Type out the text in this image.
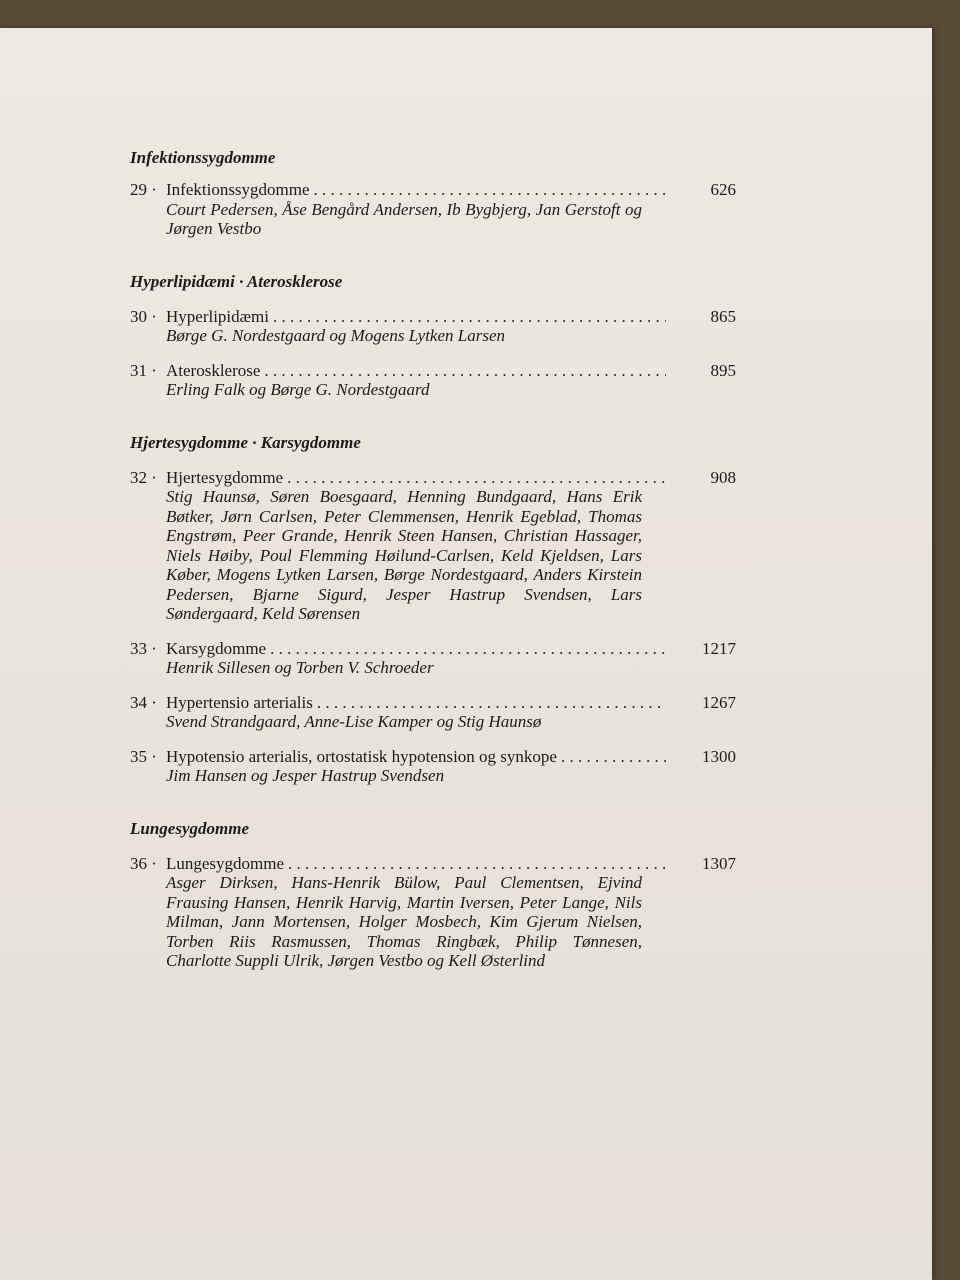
Infektionssygdomme
29 · Infektionssygdomme . . .	626
Court Pedersen, Åse Bengård Andersen, Ib Bygbjerg, Jan Gerstoft og Jørgen Vestbo
Hyperlipidæmi · Aterosklerose
30 · Hyperlipidæmi . . .	865
Børge G. Nordestgaard og Mogens Lytken Larsen
31 · Aterosklerose . . .	895
Erling Falk og Børge G. Nordestgaard
Hjertesygdomme · Karsygdomme
32 · Hjertesygdomme . . .	908
Stig Haunsø, Søren Boesgaard, Henning Bundgaard, Hans Erik Bøtker, Jørn Carlsen, Peter Clemmensen, Henrik Egeblad, Thomas Engstrøm, Peer Grande, Henrik Steen Hansen, Christian Hassager, Niels Høiby, Poul Flemming Høilund-Carlsen, Keld Kjeldsen, Lars Køber, Mogens Lytken Larsen, Børge Nordestgaard, Anders Kirstein Pedersen, Bjarne Sigurd, Jesper Hastrup Svendsen, Lars Søndergaard, Keld Sørensen
33 · Karsygdomme . . .	1217
Henrik Sillesen og Torben V. Schroeder
34 · Hypertensio arterialis . . .	1267
Svend Strandgaard, Anne-Lise Kamper og Stig Haunsø
35 · Hypotensio arterialis, ortostatisk hypotension og synkope . . .	1300
Jim Hansen og Jesper Hastrup Svendsen
Lungesygdomme
36 · Lungesygdomme . . .	1307
Asger Dirksen, Hans-Henrik Bülow, Paul Clementsen, Ejvind Frausing Hansen, Henrik Harvig, Martin Iversen, Peter Lange, Nils Milman, Jann Mortensen, Holger Mosbech, Kim Gjerum Nielsen, Torben Riis Rasmussen, Thomas Ringbæk, Philip Tønnesen, Charlotte Suppli Ulrik, Jørgen Vestbo og Kell Østerlind
